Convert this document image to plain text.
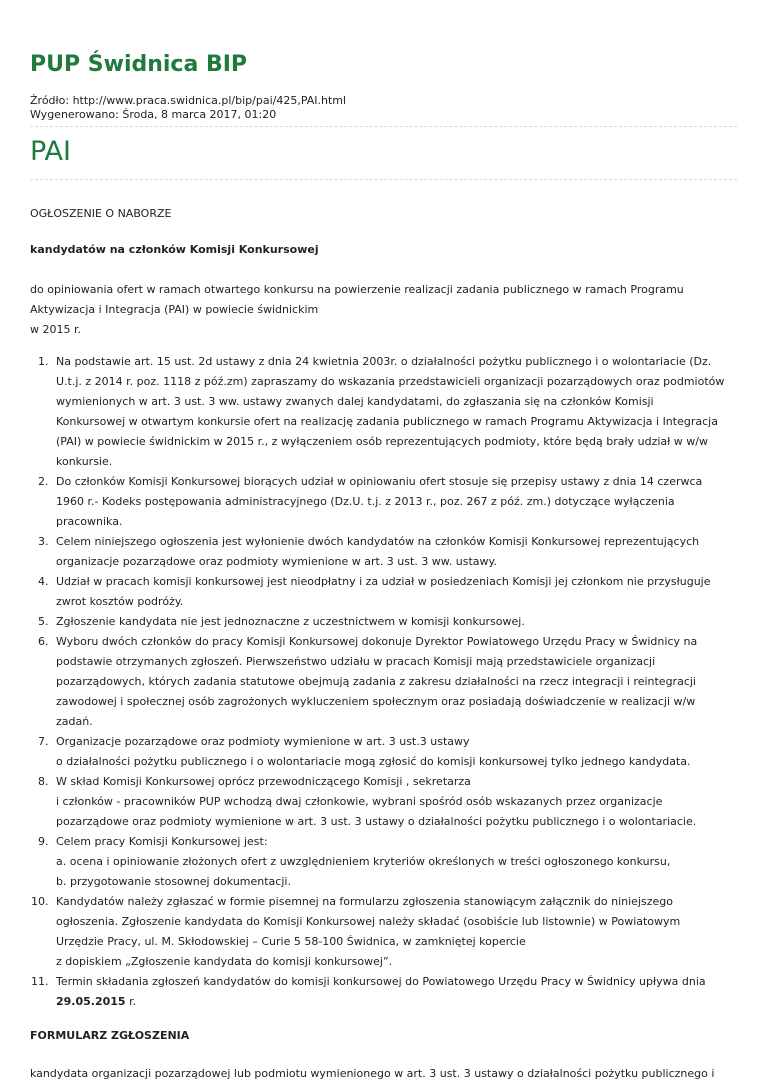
PUP Świdnica BIP
Źródło: http://www.praca.swidnica.pl/bip/pai/425,PAI.html
Wygenerowano: Środa, 8 marca 2017, 01:20
PAI

OGŁOSZENIE O NABORZE

kandydatów na członków Komisji Konkursowej

do opiniowania ofert w ramach otwartego konkursu na powierzenie realizacji zadania publicznego w ramach Programu
Aktywizacja i Integracja (PAI) w powiecie świdnickim
w 2015 r.

1. Na podstawie art. 15 ust. 2d ustawy z dnia 24 kwietnia 2003r. o działalności pożytku publicznego i o wolontariacie (Dz.
U.t.j. z 2014 r. poz. 1118 z póź.zm) zapraszamy do wskazania przedstawicieli organizacji pozarządowych oraz podmiotów
wymienionych w art. 3 ust. 3 ww. ustawy zwanych dalej kandydatami, do zgłaszania się na członków Komisji
Konkursowej w otwartym konkursie ofert na realizację zadania publicznego w ramach Programu Aktywizacja i Integracja
(PAI) w powiecie świdnickim w 2015 r., z wyłączeniem osób reprezentujących podmioty, które będą brały udział w w/w
konkursie.
2. Do członków Komisji Konkursowej biorących udział w opiniowaniu ofert stosuje się przepisy ustawy z dnia 14 czerwca
1960 r.- Kodeks postępowania administracyjnego (Dz.U. t.j. z 2013 r., poz. 267 z póź. zm.) dotyczące wyłączenia
pracownika.
3. Celem niniejszego ogłoszenia jest wyłonienie dwóch kandydatów na członków Komisji Konkursowej reprezentujących
organizacje pozarządowe oraz podmioty wymienione w art. 3 ust. 3 ww. ustawy.
4. Udział w pracach komisji konkursowej jest nieodpłatny i za udział w posiedzeniach Komisji jej członkom nie przysługuje
zwrot kosztów podróży.
5. Zgłoszenie kandydata nie jest jednoznaczne z uczestnictwem w komisji konkursowej.
6. Wyboru dwóch członków do pracy Komisji Konkursowej dokonuje Dyrektor Powiatowego Urzędu Pracy w Świdnicy na
podstawie otrzymanych zgłoszeń. Pierwszeństwo udziału w pracach Komisji mają przedstawiciele organizacji
pozarządowych, których zadania statutowe obejmują zadania z zakresu działalności na rzecz integracji i reintegracji
zawodowej i społecznej osób zagrożonych wykluczeniem społecznym oraz posiadają doświadczenie w realizacji w/w
zadań.
7. Organizacje pozarządowe oraz podmioty wymienione w art. 3 ust.3 ustawy
o działalności pożytku publicznego i o wolontariacie mogą zgłosić do komisji konkursowej tylko jednego kandydata.
8. W skład Komisji Konkursowej oprócz przewodniczącego Komisji , sekretarza
i członków - pracowników PUP wchodzą dwaj członkowie, wybrani spośród osób wskazanych przez organizacje
pozarządowe oraz podmioty wymienione w art. 3 ust. 3 ustawy o działalności pożytku publicznego i o wolontariacie.
9. Celem pracy Komisji Konkursowej jest:
a. ocena i opiniowanie złożonych ofert z uwzględnieniem kryteriów określonych w treści ogłoszonego konkursu,
b. przygotowanie stosownej dokumentacji.
10. Kandydatów należy zgłaszać w formie pisemnej na formularzu zgłoszenia stanowiącym załącznik do niniejszego
ogłoszenia. Zgłoszenie kandydata do Komisji Konkursowej należy składać (osobiście lub listownie) w Powiatowym
Urzędzie Pracy, ul. M. Skłodowskiej – Curie 5 58-100 Świdnica, w zamkniętej kopercie
z dopiskiem „Zgłoszenie kandydata do komisji konkursowej”.
11. Termin składania zgłoszeń kandydatów do komisji konkursowej do Powiatowego Urzędu Pracy w Świdnicy upływa dnia
29.05.2015 r.

FORMULARZ ZGŁOSZENIA

kandydata organizacji pozarządowej lub podmiotu wymienionego w art. 3 ust. 3 ustawy o działalności pożytku publicznego i
